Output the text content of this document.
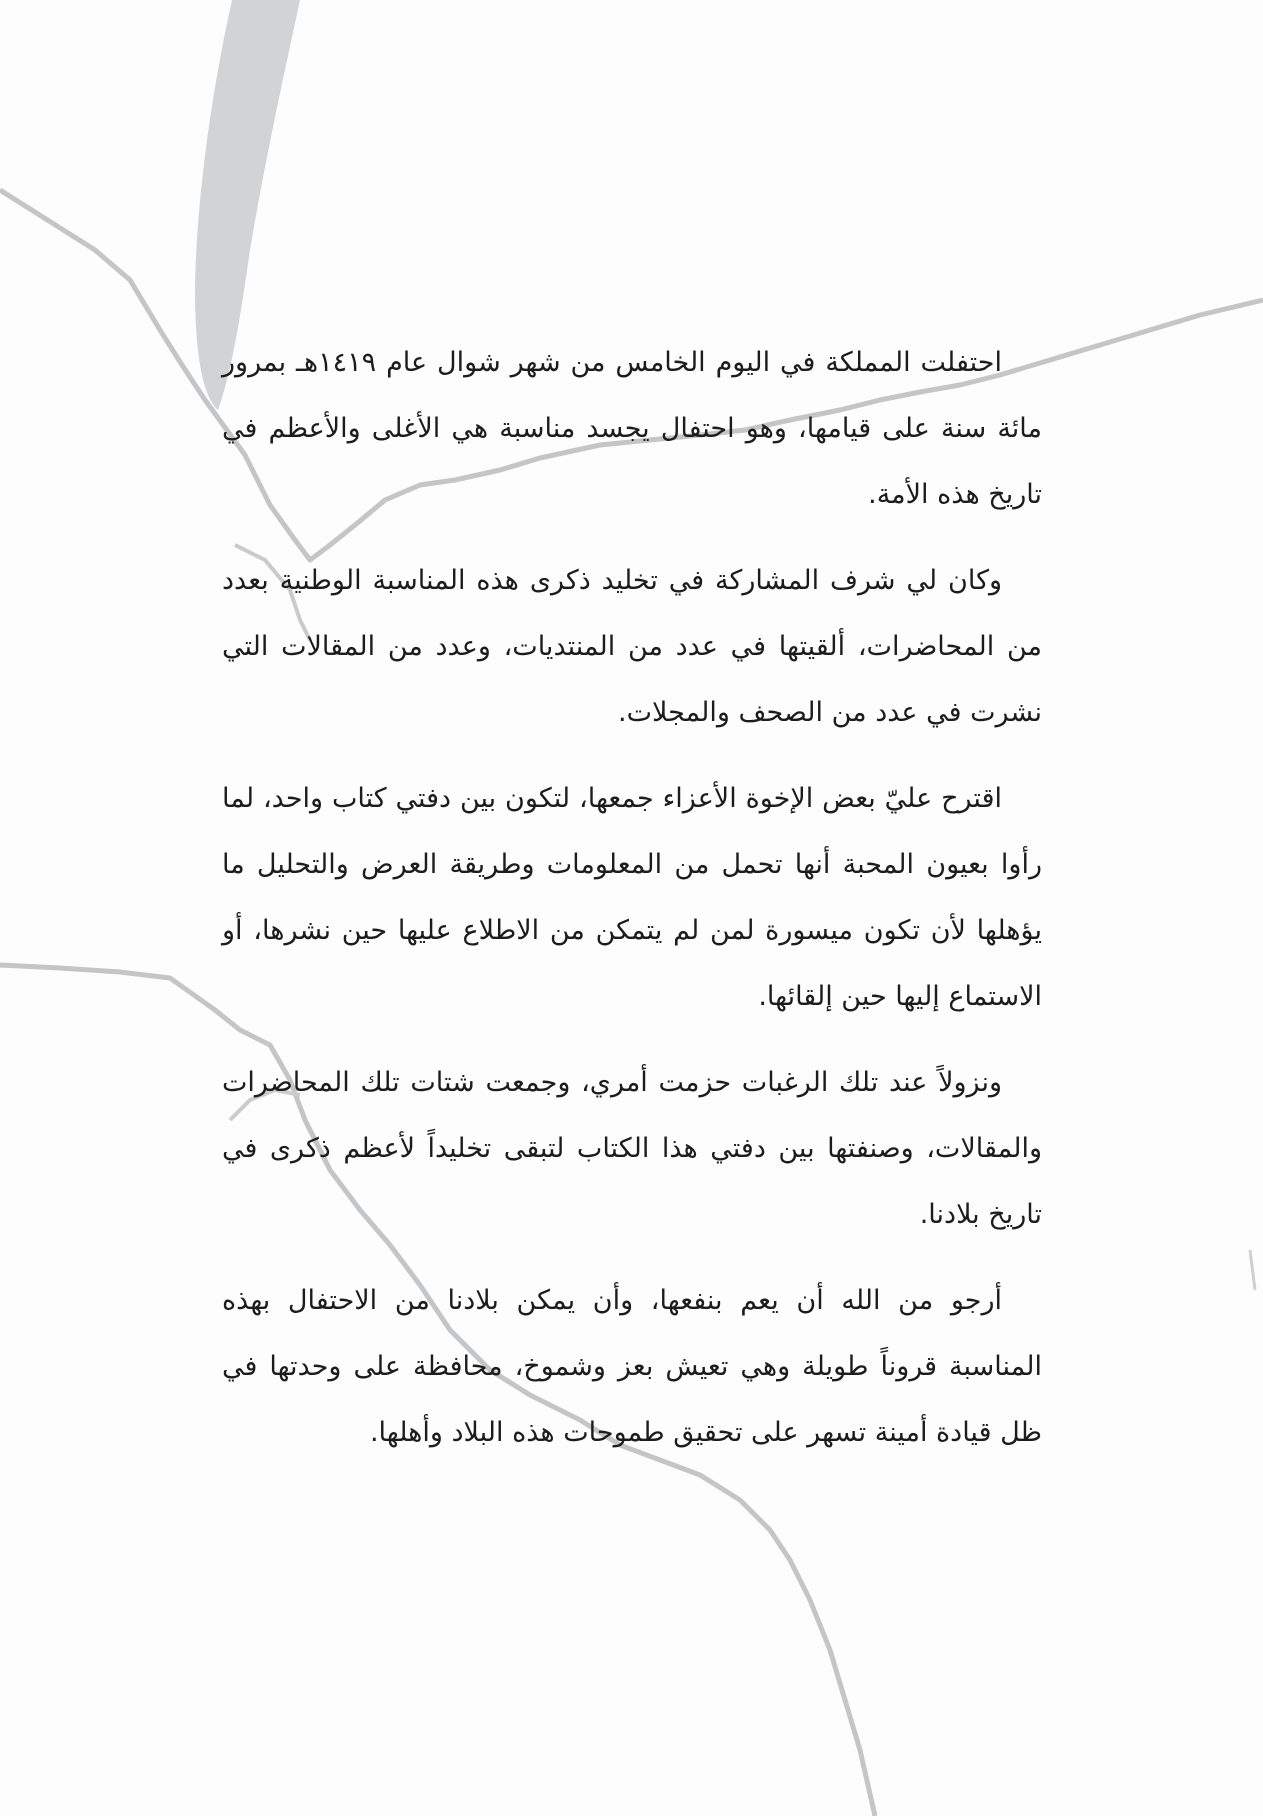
احتفلت المملكة في اليوم الخامس من شهر شوال عام ١٤١٩هـ بمرور مائة سنة على قيامها، وهو احتفال يجسد مناسبة هي الأغلى والأعظم في تاريخ هذه الأمة.

وكان لي شرف المشاركة في تخليد ذكرى هذه المناسبة الوطنية بعدد من المحاضرات، ألقيتها في عدد من المنتديات، وعدد من المقالات التي نشرت في عدد من الصحف والمجلات.

اقترح عليّ بعض الإخوة الأعزاء جمعها، لتكون بين دفتي كتاب واحد، لما رأوا بعيون المحبة أنها تحمل من المعلومات وطريقة العرض والتحليل ما يؤهلها لأن تكون ميسورة لمن لم يتمكن من الاطلاع عليها حين نشرها، أو الاستماع إليها حين إلقائها.

ونزولاً عند تلك الرغبات حزمت أمري، وجمعت شتات تلك المحاضرات والمقالات، وصنفتها بين دفتي هذا الكتاب لتبقى تخليداً لأعظم ذكرى في تاريخ بلادنا.

أرجو من الله أن يعم بنفعها، وأن يمكن بلادنا من الاحتفال بهذه المناسبة قروناً طويلة وهي تعيش بعز وشموخ، محافظة على وحدتها في ظل قيادة أمينة تسهر على تحقيق طموحات هذه البلاد وأهلها.
